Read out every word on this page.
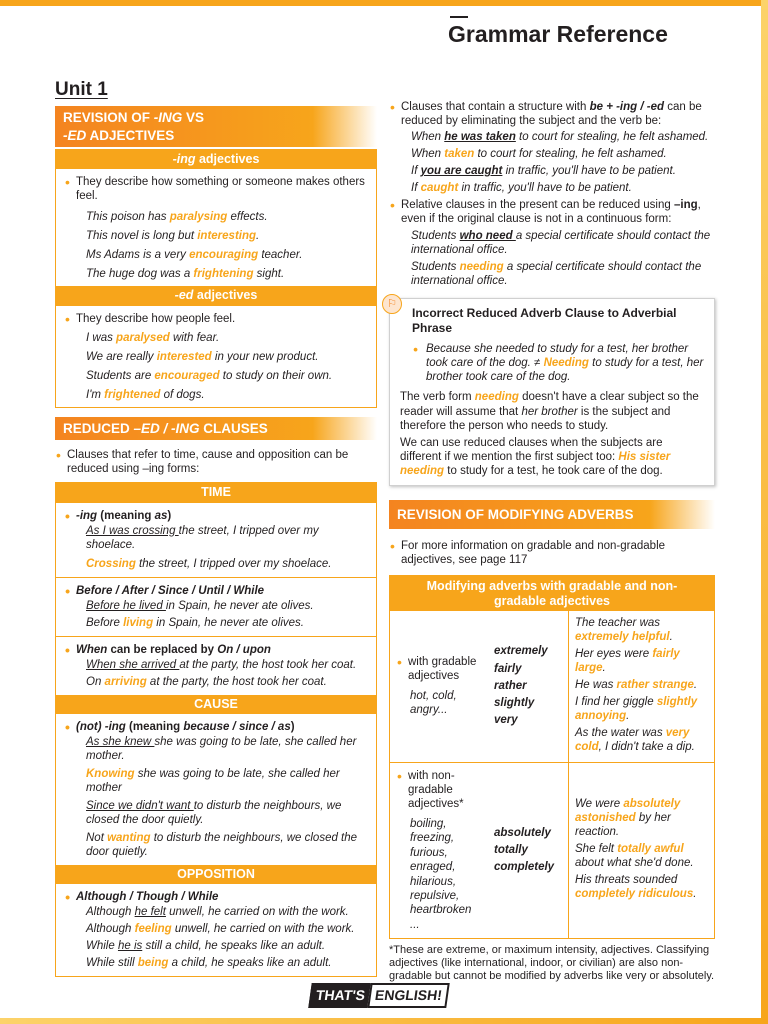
Grammar Reference
Unit 1
REVISION OF -ING VS
-ED ADJECTIVES
-ing adjectives
• They describe how something or someone makes others feel.
This poison has paralysing effects.
This novel is long but interesting.
Ms Adams is a very encouraging teacher.
The huge dog was a frightening sight.
-ed adjectives
• They describe how people feel.
I was paralysed with fear.
We are really interested in your new product.
Students are encouraged to study on their own.
I'm frightened of dogs.
REDUCED –ED / -ING CLAUSES
• Clauses that refer to time, cause and opposition can be reduced using –ing forms:
TIME
• -ing (meaning as)
As I was crossing the street, I tripped over my shoelace.
Crossing the street, I tripped over my shoelace.
• Before / After / Since / Until / While
Before he lived in Spain, he never ate olives.
Before living in Spain, he never ate olives.
• When can be replaced by On / upon
When she arrived at the party, the host took her coat.
On arriving at the party, the host took her coat.
CAUSE
• (not) -ing (meaning because / since / as)
As she knew she was going to be late, she called her mother.
Knowing she was going to be late, she called her mother
Since we didn't want to disturb the neighbours, we closed the door quietly.
Not wanting to disturb the neighbours, we closed the door quietly.
OPPOSITION
• Although / Though / While
Although he felt unwell, he carried on with the work.
Although feeling unwell, he carried on with the work.
While he is still a child, he speaks like an adult.
While still being a child, he speaks like an adult.
• Clauses that contain a structure with be + -ing / -ed can be reduced by eliminating the subject and the verb be:
When he was taken to court for stealing, he felt ashamed.
When taken to court for stealing, he felt ashamed.
If you are caught in traffic, you'll have to be patient.
If caught in traffic, you'll have to be patient.
• Relative clauses in the present can be reduced using –ing, even if the original clause is not in a continuous form:
Students who need a special certificate should contact the international office.
Students needing a special certificate should contact the international office.
⚐
Incorrect Reduced Adverb Clause to Adverbial Phrase
• Because she needed to study for a test, her brother took care of the dog. ≠ Needing to study for a test, her brother took care of the dog.
The verb form needing doesn't have a clear subject so the reader will assume that her brother is the subject and therefore the person who needs to study.
We can use reduced clauses when the subjects are different if we mention the first subject too: His sister needing to study for a test, he took care of the dog.
REVISION OF MODIFYING ADVERBS
• For more information on gradable and non-gradable adjectives, see page 117
Modifying adverbs with gradable and non-gradable adjectives
• with gradable adjectives
hot, cold, angry...
extremely
fairly
rather
slightly
very
The teacher was extremely helpful.
Her eyes were fairly large.
He was rather strange.
I find her giggle slightly annoying.
As the water was very cold, I didn't take a dip.
• with non-gradable adjectives*
boiling,
freezing,
furious,
enraged,
hilarious,
repulsive,
heartbroken
...
absolutely
totally
completely
We were absolutely astonished by her reaction.
She felt totally awful about what she'd done.
His threats sounded completely ridiculous.
*These are extreme, or maximum intensity, adjectives. Classifying adjectives (like international, indoor, or civilian) are also non-gradable but cannot be modified by adverbs like very or absolutely.
THAT'S ENGLISH!
